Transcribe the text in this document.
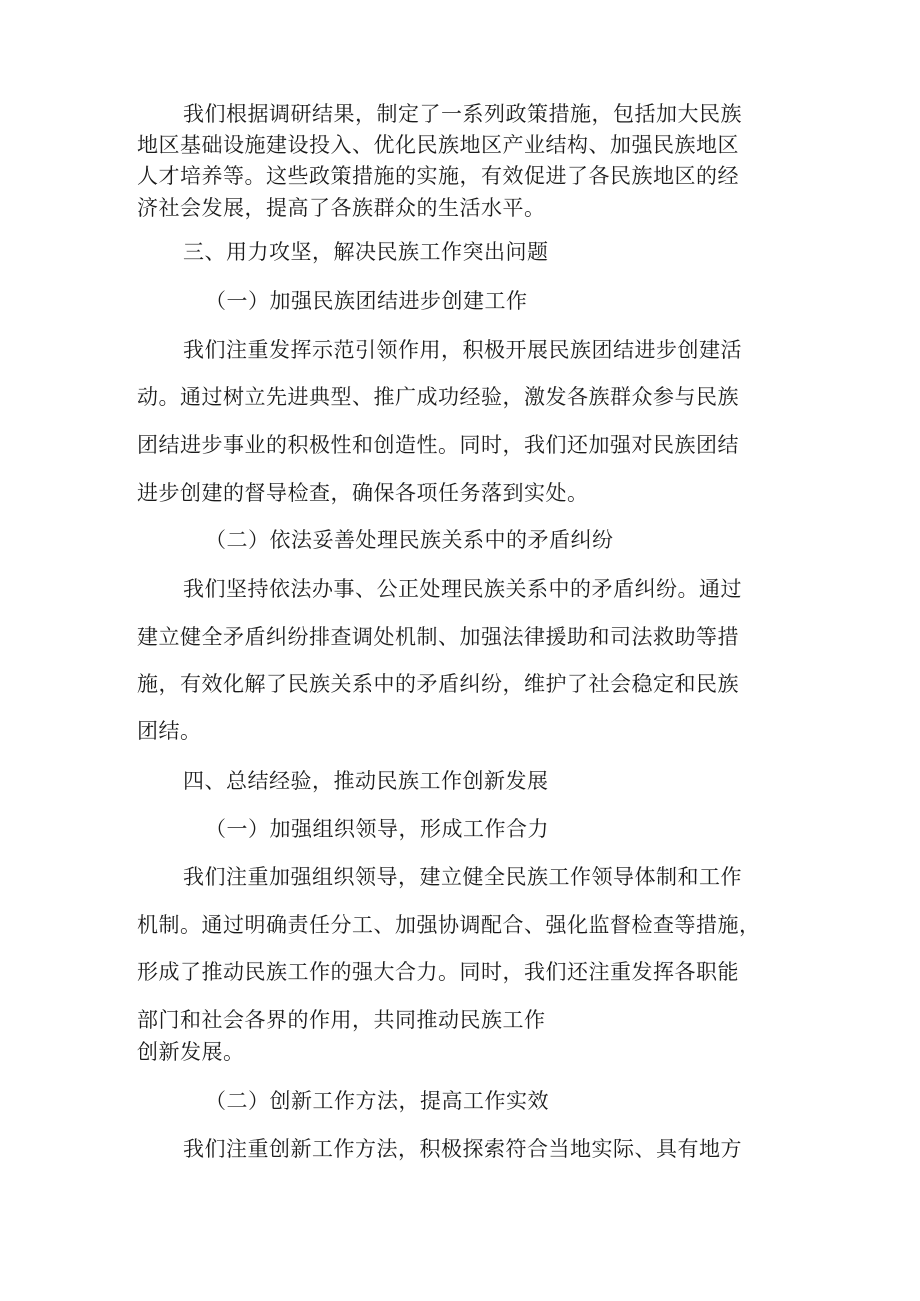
我们根据调研结果，制定了一系列政策措施，包括加大民族
地区基础设施建设投入、优化民族地区产业结构、加强民族地区
人才培养等。这些政策措施的实施，有效促进了各民族地区的经
济社会发展，提高了各族群众的生活水平。
三、用力攻坚，解决民族工作突出问题
（一）加强民族团结进步创建工作
我们注重发挥示范引领作用，积极开展民族团结进步创建活
动。通过树立先进典型、推广成功经验，激发各族群众参与民族
团结进步事业的积极性和创造性。同时，我们还加强对民族团结
进步创建的督导检查，确保各项任务落到实处。
（二）依法妥善处理民族关系中的矛盾纠纷
我们坚持依法办事、公正处理民族关系中的矛盾纠纷。通过
建立健全矛盾纠纷排查调处机制、加强法律援助和司法救助等措
施，有效化解了民族关系中的矛盾纠纷，维护了社会稳定和民族
团结。
四、总结经验，推动民族工作创新发展
（一）加强组织领导，形成工作合力
我们注重加强组织领导，建立健全民族工作领导体制和工作
机制。通过明确责任分工、加强协调配合、强化监督检查等措施，
形成了推动民族工作的强大合力。同时，我们还注重发挥各职能
部门和社会各界的作用，共同推动民族工作
创新发展。
（二）创新工作方法，提高工作实效
我们注重创新工作方法，积极探索符合当地实际、具有地方
